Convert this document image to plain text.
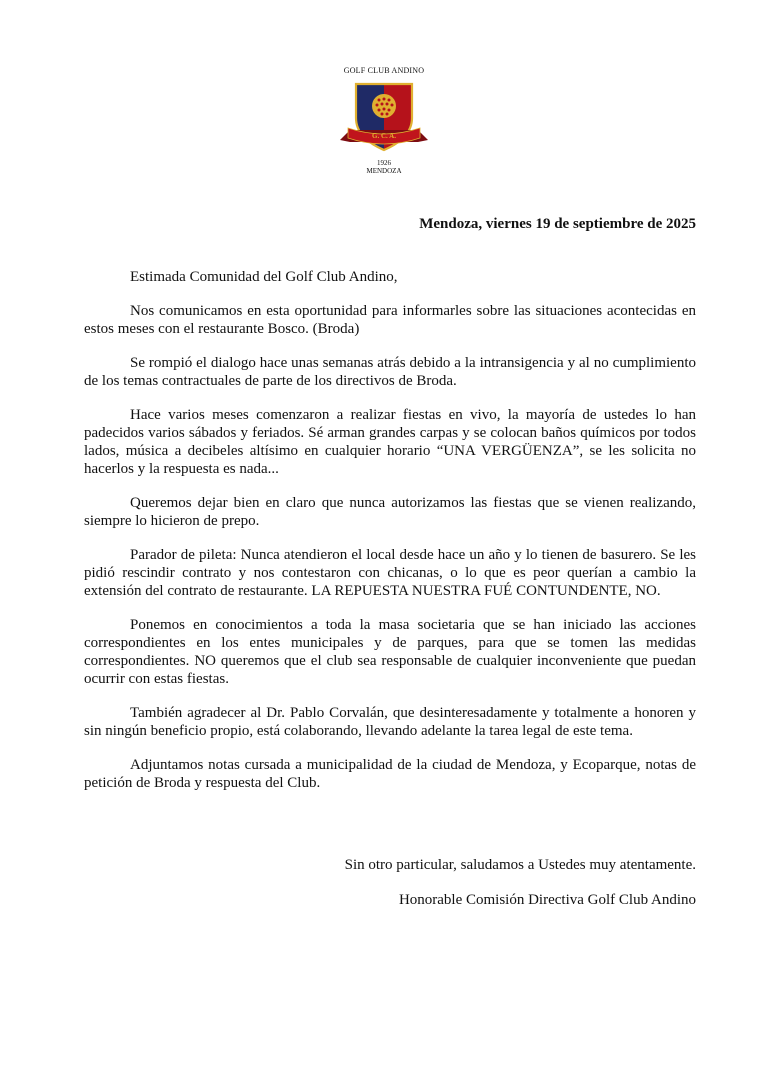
GOLF CLUB ANDINO
G. C. A.
1926
MENDOZA
Mendoza, viernes 19 de septiembre de 2025

Estimada Comunidad del Golf Club Andino,

Nos comunicamos en esta oportunidad para informarles sobre las situaciones acontecidas en estos meses con el restaurante Bosco. (Broda)

Se rompió el dialogo hace unas semanas atrás debido a la intransigencia y al no cumplimiento de los temas contractuales de parte de los directivos de Broda.

Hace varios meses comenzaron a realizar fiestas en vivo, la mayoría de ustedes lo han padecidos varios sábados y feriados. Sé arman grandes carpas y se colocan baños químicos por todos lados, música a decibeles altísimo en cualquier horario “UNA VERGÜENZA”, se les solicita no hacerlos y la respuesta es nada...

Queremos dejar bien en claro que nunca autorizamos las fiestas que se vienen realizando, siempre lo hicieron de prepo.

Parador de pileta: Nunca atendieron el local desde hace un año y lo tienen de basurero. Se les pidió rescindir contrato y nos contestaron con chicanas, o lo que es peor querían a cambio la extensión del contrato de restaurante. LA REPUESTA NUESTRA FUÉ CONTUNDENTE, NO.

Ponemos en conocimientos a toda la masa societaria que se han iniciado las acciones correspondientes en los entes municipales y de parques, para que se tomen las medidas correspondientes. NO queremos que el club sea responsable de cualquier inconveniente que puedan ocurrir con estas fiestas.

También agradecer al Dr. Pablo Corvalán, que desinteresadamente y totalmente a honoren y sin ningún beneficio propio, está colaborando, llevando adelante la tarea legal de este tema.

Adjuntamos notas cursada a municipalidad de la ciudad de Mendoza, y Ecoparque, notas de petición de Broda y respuesta del Club.

Sin otro particular, saludamos a Ustedes muy atentamente.
Honorable Comisión Directiva Golf Club Andino
